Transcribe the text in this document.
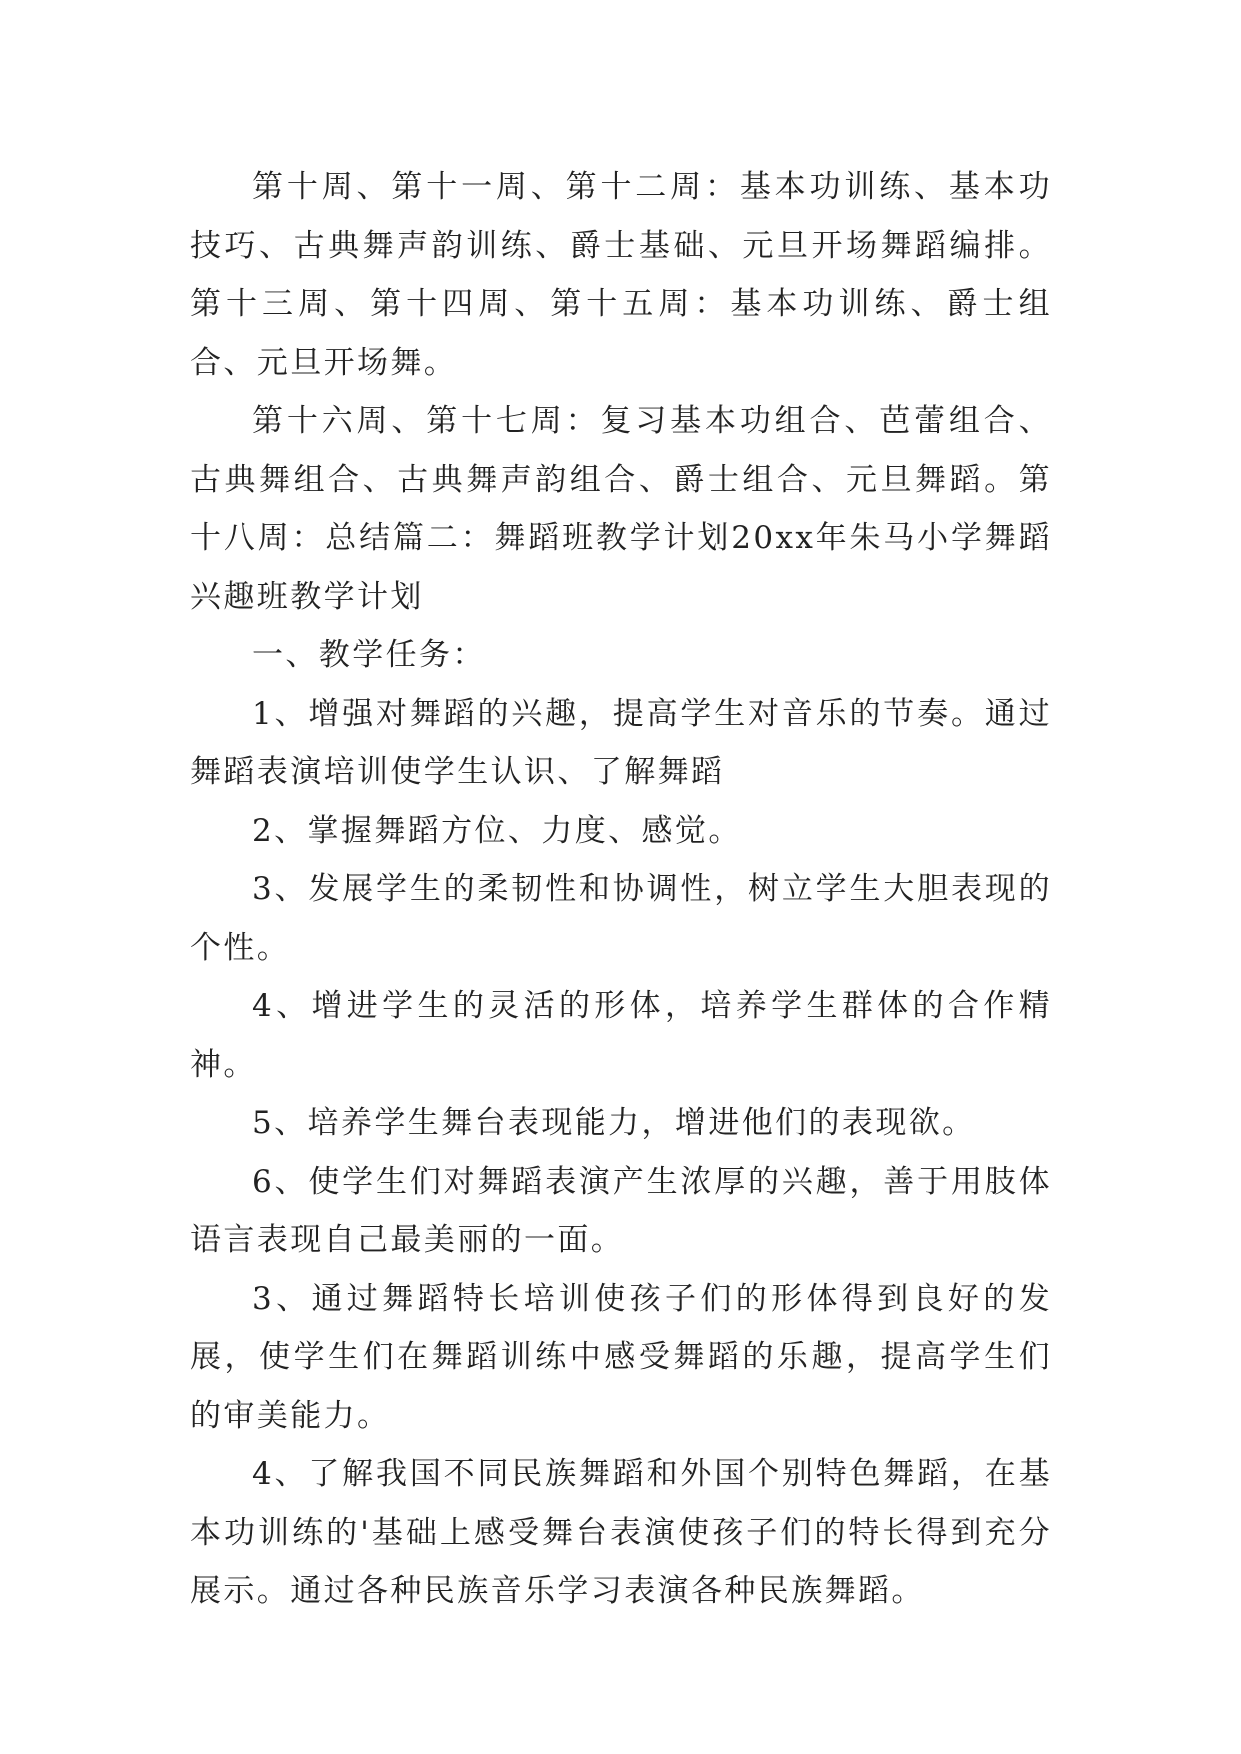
第十周、第十一周、第十二周：基本功训练、基本功技巧、古典舞声韵训练、爵士基础、元旦开场舞蹈编排。第十三周、第十四周、第十五周：基本功训练、爵士组合、元旦开场舞。

第十六周、第十七周：复习基本功组合、芭蕾组合、古典舞组合、古典舞声韵组合、爵士组合、元旦舞蹈。第十八周：总结篇二：舞蹈班教学计划20xx年朱马小学舞蹈兴趣班教学计划

一、教学任务：

1、增强对舞蹈的兴趣，提高学生对音乐的节奏。通过舞蹈表演培训使学生认识、了解舞蹈

2、掌握舞蹈方位、力度、感觉。

3、发展学生的柔韧性和协调性，树立学生大胆表现的个性。

4、增进学生的灵活的形体，培养学生群体的合作精神。

5、培养学生舞台表现能力，增进他们的表现欲。

6、使学生们对舞蹈表演产生浓厚的兴趣，善于用肢体语言表现自己最美丽的一面。

3、通过舞蹈特长培训使孩子们的形体得到良好的发展，使学生们在舞蹈训练中感受舞蹈的乐趣，提高学生们的审美能力。

4、了解我国不同民族舞蹈和外国个别特色舞蹈，在基本功训练的'基础上感受舞台表演使孩子们的特长得到充分展示。通过各种民族音乐学习表演各种民族舞蹈。
